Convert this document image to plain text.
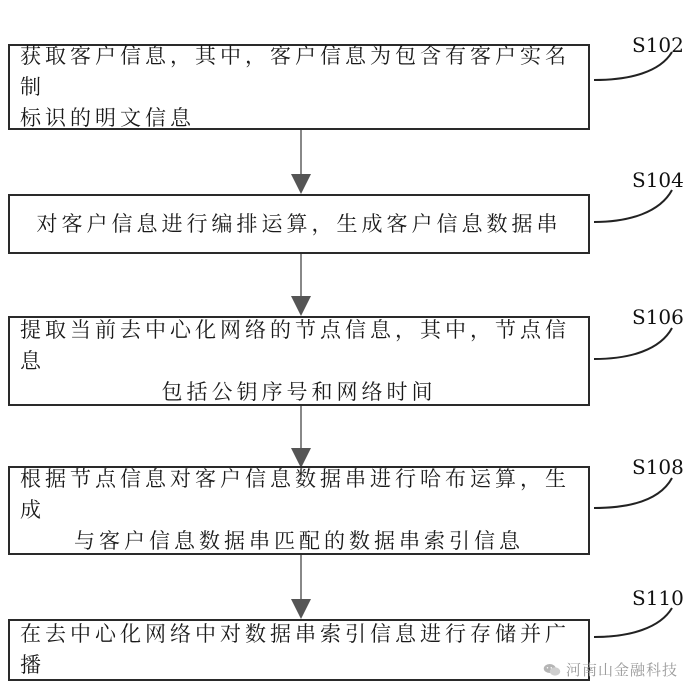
获取客户信息，其中，客户信息为包含有客户实名制
标识的明文信息
S102
对客户信息进行编排运算，生成客户信息数据串
S104
提取当前去中心化网络的节点信息，其中，节点信息
包括公钥序号和网络时间
S106
根据节点信息对客户信息数据串进行哈布运算，生成
与客户信息数据串匹配的数据串索引信息
S108
在去中心化网络中对数据串索引信息进行存储并广播
S110
河南山金融科技
